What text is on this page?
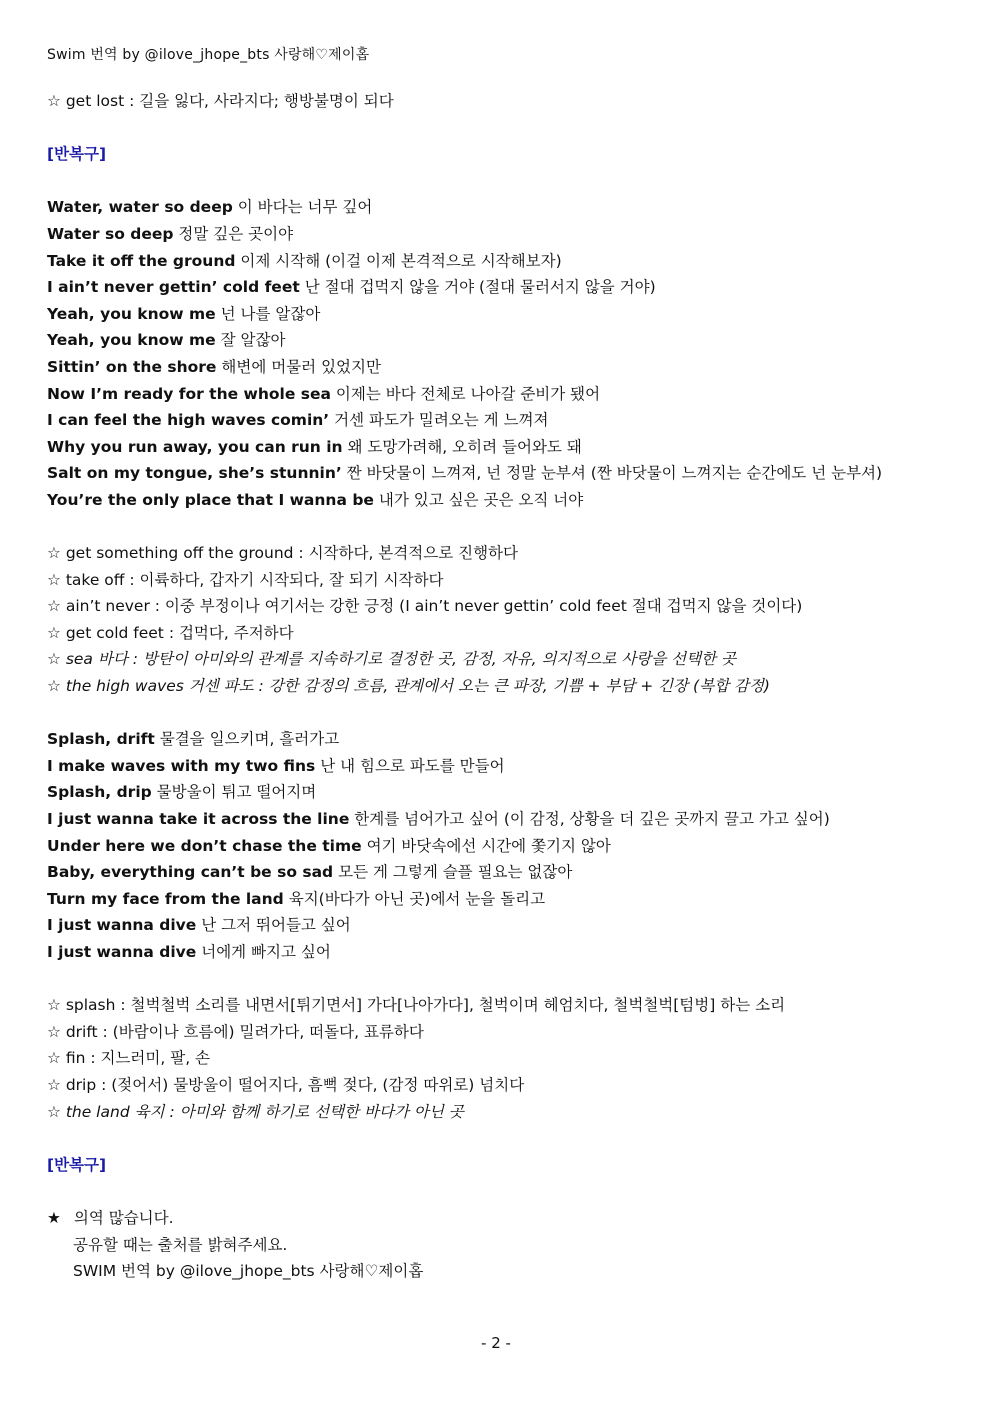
Swim 번역 by @ilove_jhope_bts 사랑해♡제이홉
☆ get lost : 길을 잃다, 사라지다; 행방불명이 되다
[반복구]
Water, water so deep 이 바다는 너무 깊어
Water so deep 정말 깊은 곳이야
Take it off the ground 이제 시작해 (이걸 이제 본격적으로 시작해보자)
I ain’t never gettin’ cold feet 난 절대 겁먹지 않을 거야 (절대 물러서지 않을 거야)
Yeah, you know me 넌 나를 알잖아
Yeah, you know me 잘 알잖아
Sittin’ on the shore 해변에 머물러 있었지만
Now I’m ready for the whole sea 이제는 바다 전체로 나아갈 준비가 됐어
I can feel the high waves comin’ 거센 파도가 밀려오는 게 느껴져
Why you run away, you can run in 왜 도망가려해, 오히려 들어와도 돼
Salt on my tongue, she’s stunnin’ 짠 바닷물이 느껴져, 넌 정말 눈부셔 (짠 바닷물이 느껴지는 순간에도 넌 눈부셔)
You’re the only place that I wanna be 내가 있고 싶은 곳은 오직 너야
☆ get something off the ground : 시작하다, 본격적으로 진행하다
☆ take off : 이륙하다, 갑자기 시작되다, 잘 되기 시작하다
☆ ain’t never : 이중 부정이나 여기서는 강한 긍정 (I ain’t never gettin’ cold feet 절대 겁먹지 않을 것이다)
☆ get cold feet : 겁먹다, 주저하다
☆ sea 바다 : 방탄이 아미와의 관계를 지속하기로 결정한 곳, 감정, 자유, 의지적으로 사랑을 선택한 곳
☆ the high waves 거센 파도 : 강한 감정의 흐름, 관계에서 오는 큰 파장, 기쁨 + 부담 + 긴장 (복합 감정)
Splash, drift 물결을 일으키며, 흘러가고
I make waves with my two fins 난 내 힘으로 파도를 만들어
Splash, drip 물방울이 튀고 떨어지며
I just wanna take it across the line 한계를 넘어가고 싶어 (이 감정, 상황을 더 깊은 곳까지 끌고 가고 싶어)
Under here we don’t chase the time 여기 바닷속에선 시간에 쫓기지 않아
Baby, everything can’t be so sad 모든 게 그렇게 슬플 필요는 없잖아
Turn my face from the land 육지(바다가 아닌 곳)에서 눈을 돌리고
I just wanna dive 난 그저 뛰어들고 싶어
I just wanna dive 너에게 빠지고 싶어
☆ splash : 철벅철벅 소리를 내면서[튀기면서] 가다[나아가다], 철벅이며 헤엄치다, 철벅철벅[텀벙] 하는 소리
☆ drift : (바람이나 흐름에) 밀려가다, 떠돌다, 표류하다
☆ fin : 지느러미, 팔, 손
☆ drip : (젖어서) 물방울이 떨어지다, 흠뻑 젖다, (감정 따위로) 넘치다
☆ the land 육지 : 아미와 함께 하기로 선택한 바다가 아닌 곳
[반복구]
★ 의역 많습니다.
공유할 때는 출처를 밝혀주세요.
SWIM 번역 by @ilove_jhope_bts 사랑해♡제이홉
- 2 -
